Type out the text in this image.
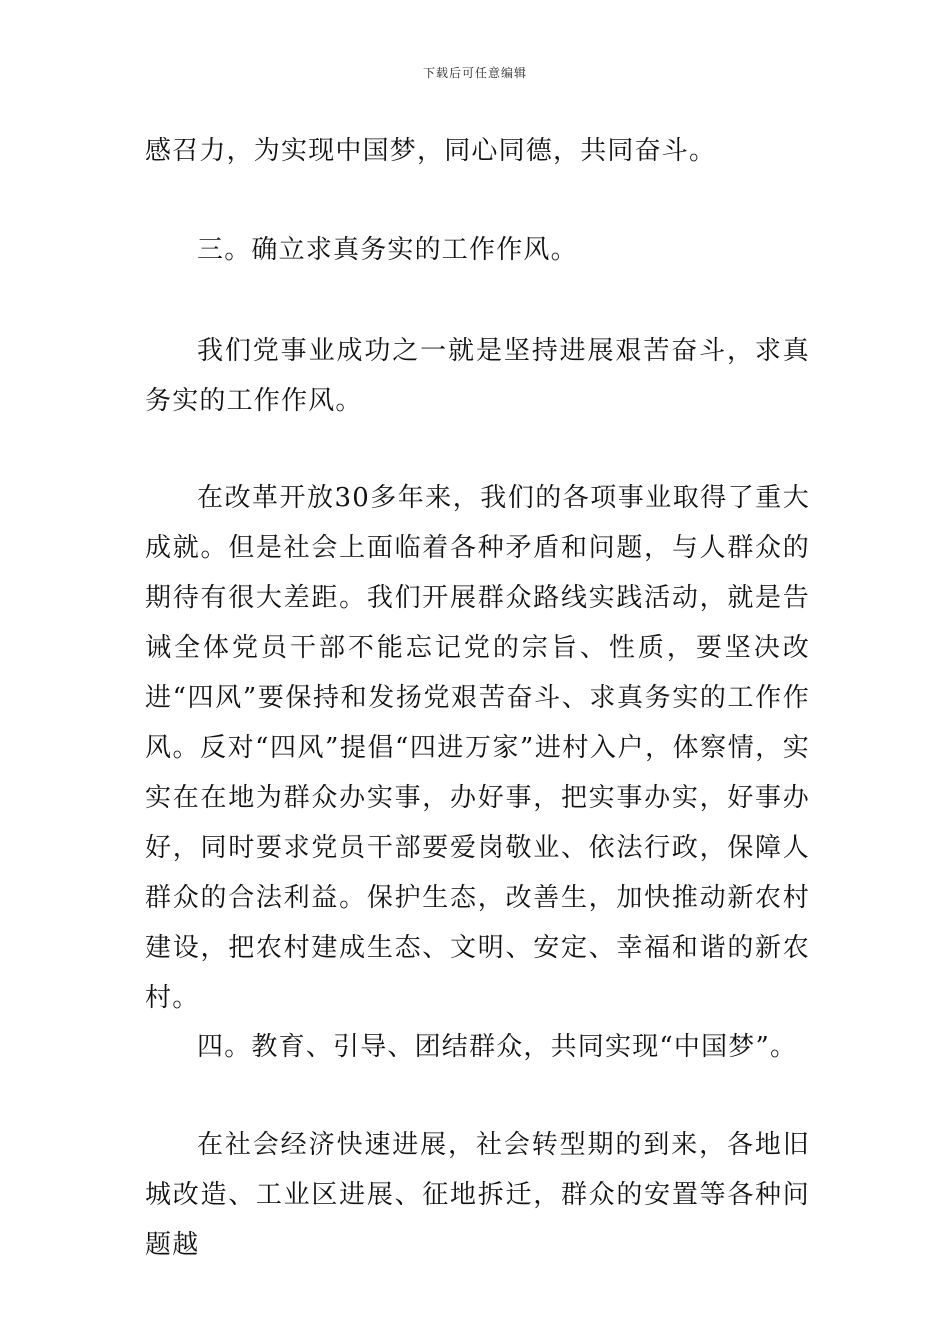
下载后可任意编辑

感召力，为实现中国梦，同心同德，共同奋斗。

三。确立求真务实的工作作风。

我们党事业成功之一就是坚持进展艰苦奋斗，求真务实的工作作风。

在改革开放30多年来，我们的各项事业取得了重大成就。但是社会上面临着各种矛盾和问题，与人群众的期待有很大差距。我们开展群众路线实践活动，就是告诫全体党员干部不能忘记党的宗旨、性质，要坚决改进“四风”要保持和发扬党艰苦奋斗、求真务实的工作作风。反对“四风”提倡“四进万家”进村入户，体察情，实实在在地为群众办实事，办好事，把实事办实，好事办好，同时要求党员干部要爱岗敬业、依法行政，保障人群众的合法利益。保护生态，改善生，加快推动新农村建设，把农村建成生态、文明、安定、幸福和谐的新农村。

四。教育、引导、团结群众，共同实现“中国梦”。

在社会经济快速进展，社会转型期的到来，各地旧城改造、工业区进展、征地拆迁，群众的安置等各种问题越
